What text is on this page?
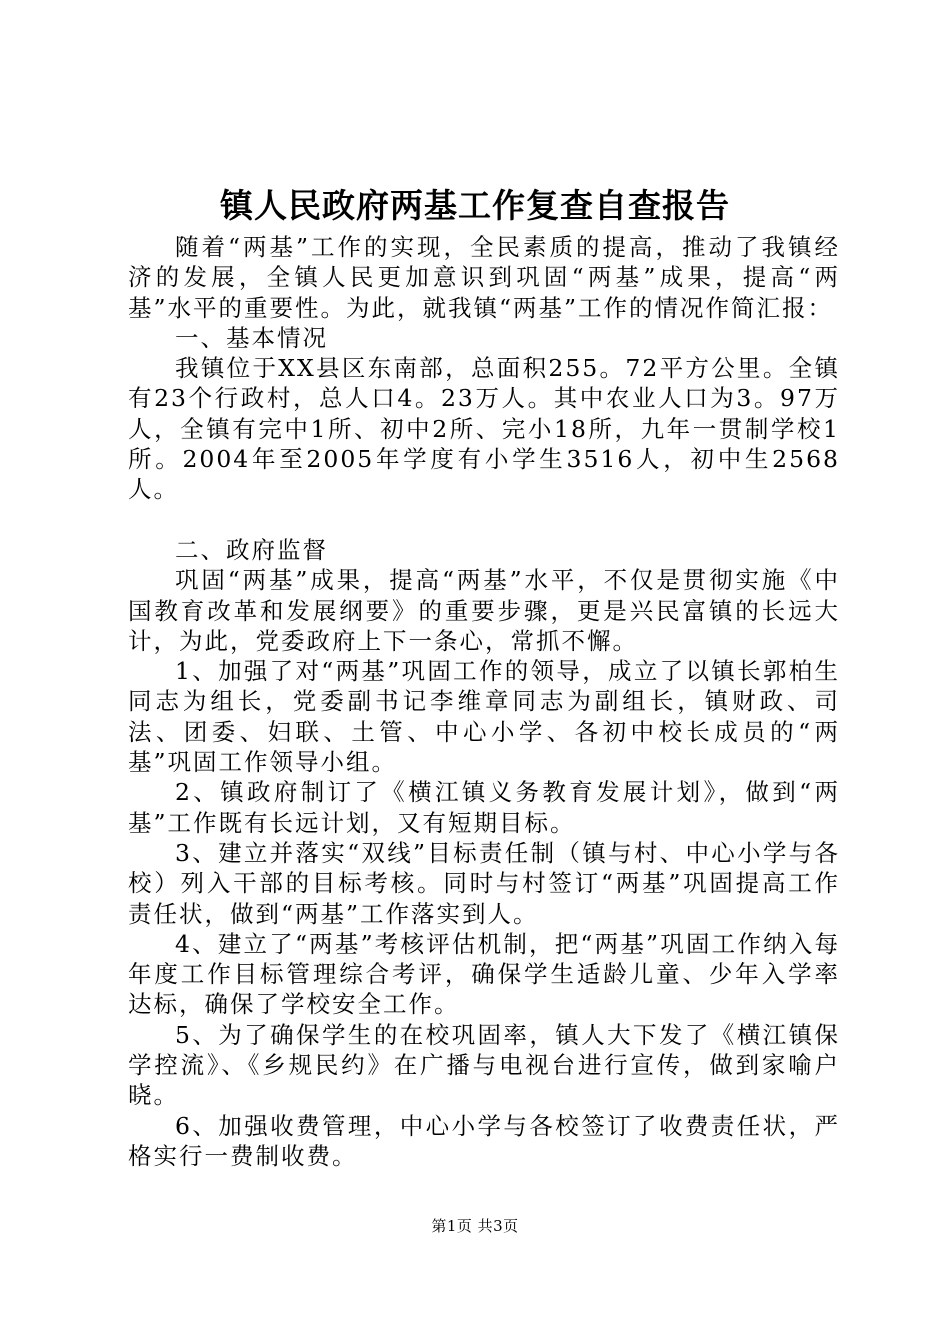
镇人民政府两基工作复查自查报告

随着“两基”工作的实现，全民素质的提高，推动了我镇经济的发展，全镇人民更加意识到巩固“两基”成果，提高“两基”水平的重要性。为此，就我镇“两基”工作的情况作简汇报：

一、基本情况

我镇位于XX县区东南部，总面积255。72平方公里。全镇有23个行政村，总人口4。23万人。其中农业人口为3。97万人，全镇有完中1所、初中2所、完小18所，九年一贯制学校1所。2004年至2005年学度有小学生3516人，初中生2568人。

二、政府监督

巩固“两基”成果，提高“两基”水平，不仅是贯彻实施《中国教育改革和发展纲要》的重要步骤，更是兴民富镇的长远大计，为此，党委政府上下一条心，常抓不懈。

1、加强了对“两基”巩固工作的领导，成立了以镇长郭柏生同志为组长，党委副书记李维章同志为副组长，镇财政、司法、团委、妇联、土管、中心小学、各初中校长成员的“两基”巩固工作领导小组。

2、镇政府制订了《横江镇义务教育发展计划》，做到“两基”工作既有长远计划，又有短期目标。

3、建立并落实“双线”目标责任制（镇与村、中心小学与各校）列入干部的目标考核。同时与村签订“两基”巩固提高工作责任状，做到“两基”工作落实到人。

4、建立了“两基”考核评估机制，把“两基”巩固工作纳入每年度工作目标管理综合考评，确保学生适龄儿童、少年入学率达标，确保了学校安全工作。

5、为了确保学生的在校巩固率，镇人大下发了《横江镇保学控流》、《乡规民约》在广播与电视台进行宣传，做到家喻户晓。

6、加强收费管理，中心小学与各校签订了收费责任状，严格实行一费制收费。

第1页 共3页
